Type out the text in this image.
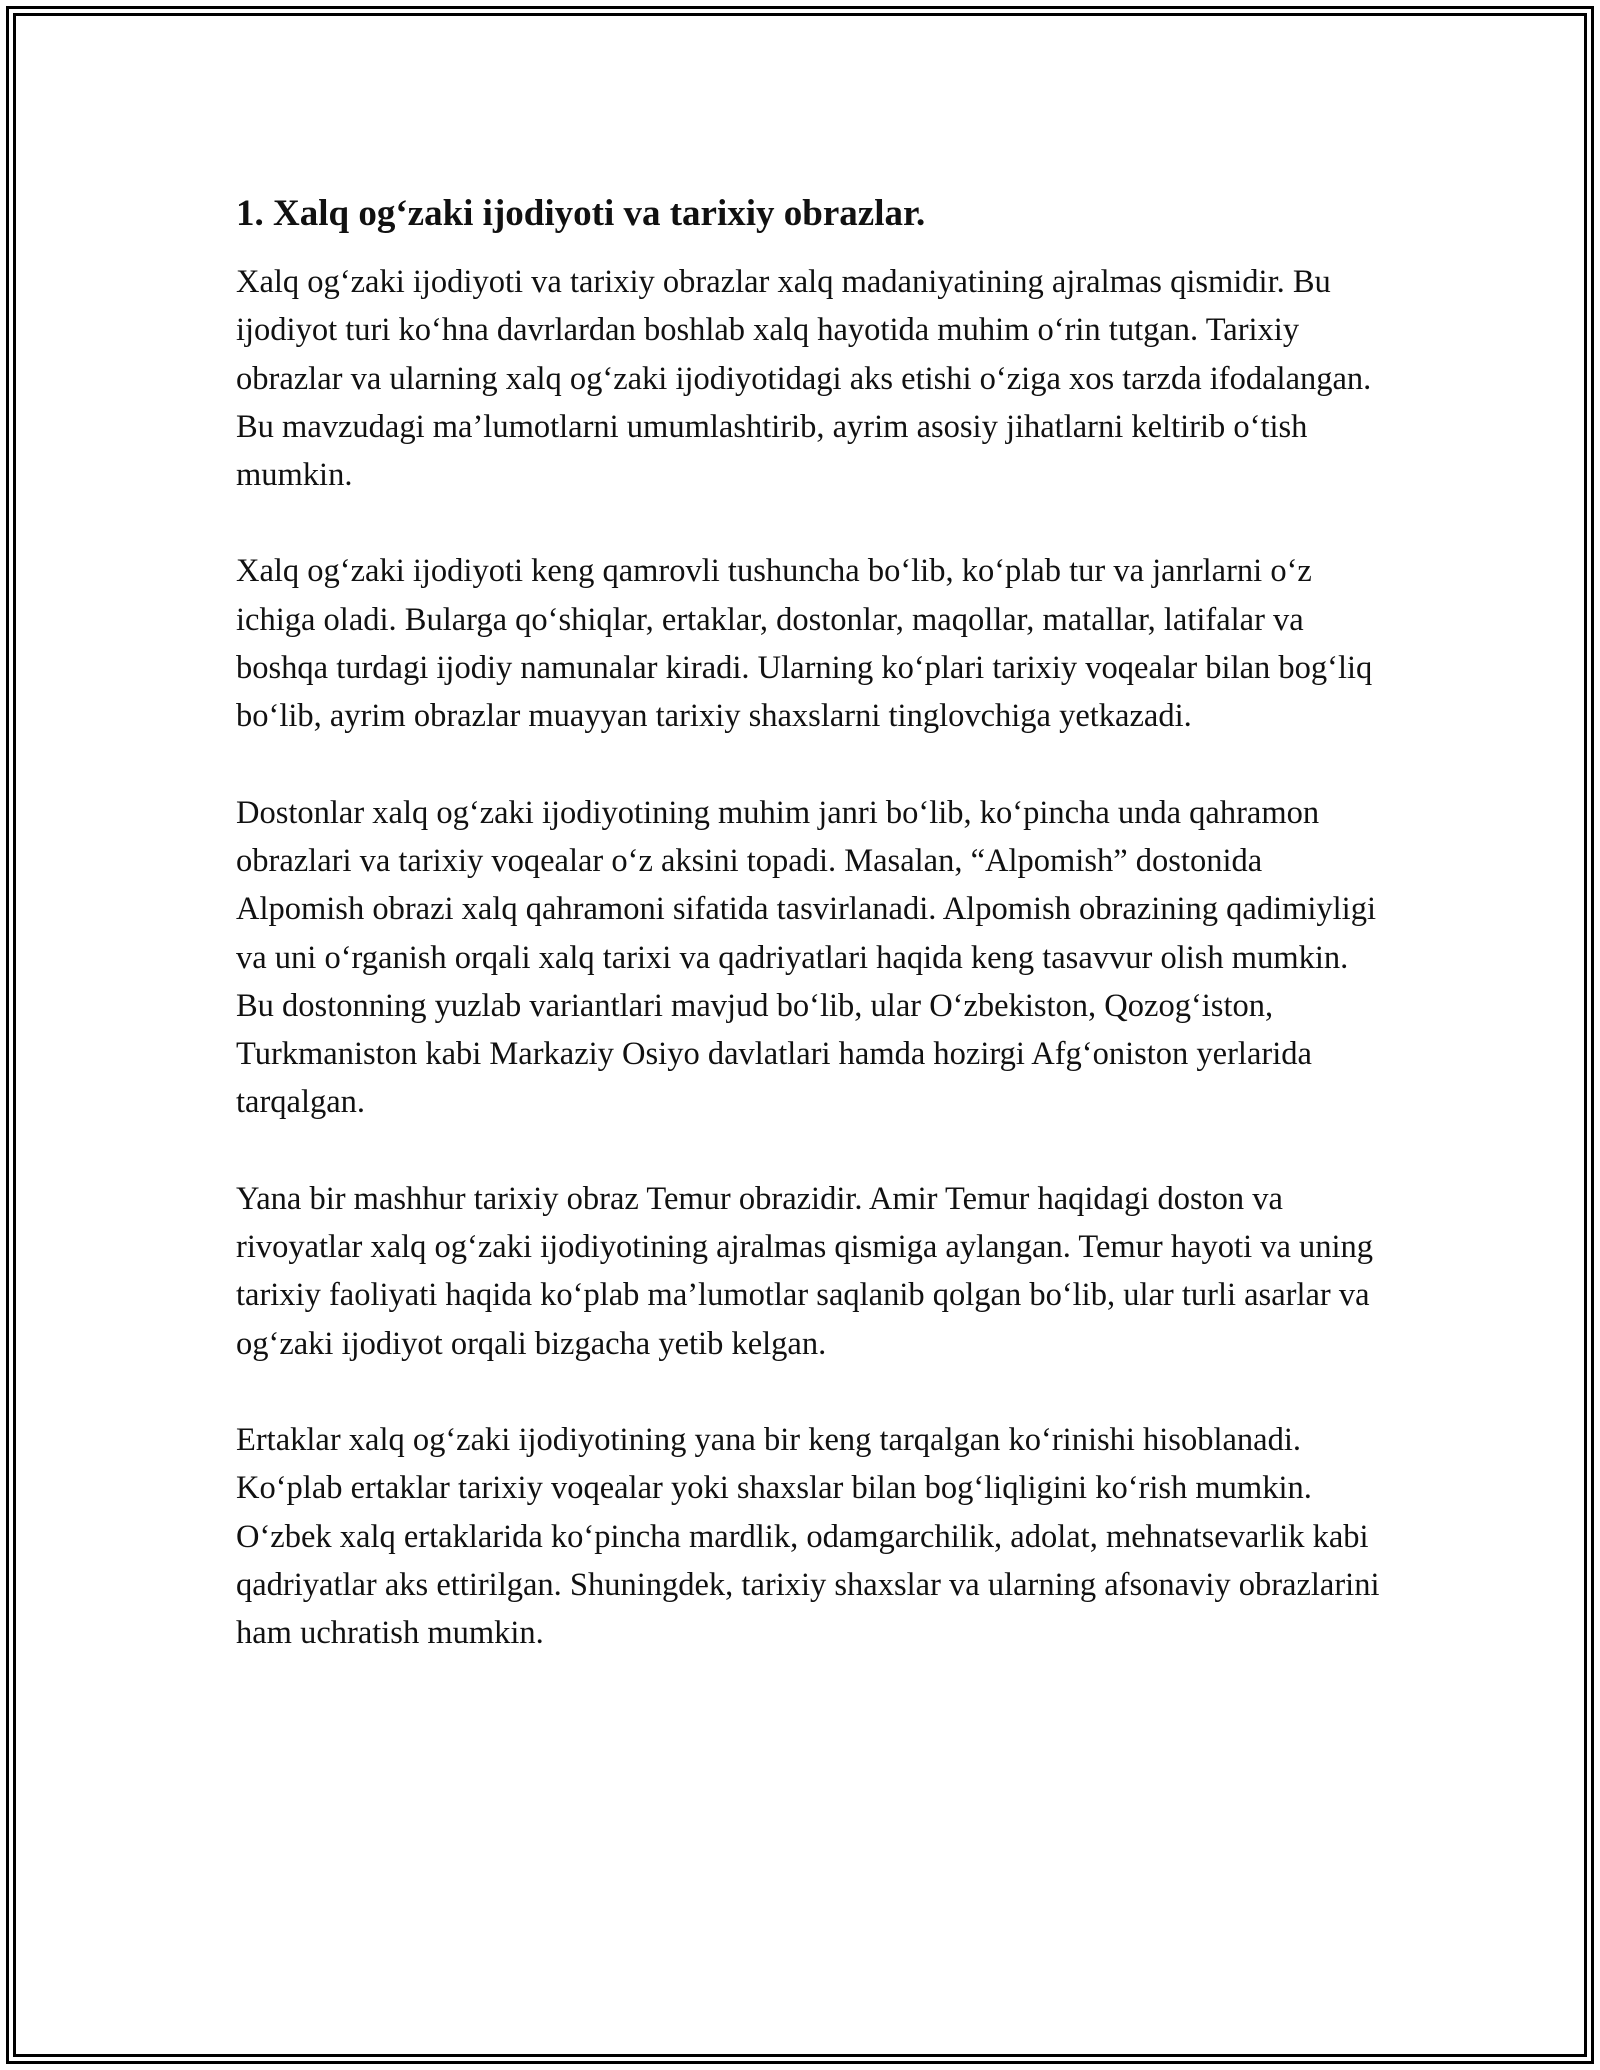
1. Xalq og‘zaki ijodiyoti va tarixiy obrazlar.

Xalq og‘zaki ijodiyoti va tarixiy obrazlar xalq madaniyatining ajralmas qismidir. Bu ijodiyot turi ko‘hna davrlardan boshlab xalq hayotida muhim o‘rin tutgan. Tarixiy obrazlar va ularning xalq og‘zaki ijodiyotidagi aks etishi o‘ziga xos tarzda ifodalangan. Bu mavzudagi ma’lumotlarni umumlashtirib, ayrim asosiy jihatlarni keltirib o‘tish mumkin.

Xalq og‘zaki ijodiyoti keng qamrovli tushuncha bo‘lib, ko‘plab tur va janrlarni o‘z ichiga oladi. Bularga qo‘shiqlar, ertaklar, dostonlar, maqollar, matallar, latifalar va boshqa turdagi ijodiy namunalar kiradi. Ularning ko‘plari tarixiy voqealar bilan bog‘liq bo‘lib, ayrim obrazlar muayyan tarixiy shaxslarni tinglovchiga yetkazadi.

Dostonlar xalq og‘zaki ijodiyotining muhim janri bo‘lib, ko‘pincha unda qahramon obrazlari va tarixiy voqealar o‘z aksini topadi. Masalan, “Alpomish” dostonida Alpomish obrazi xalq qahramoni sifatida tasvirlanadi. Alpomish obrazining qadimiyligi va uni o‘rganish orqali xalq tarixi va qadriyatlari haqida keng tasavvur olish mumkin. Bu dostonning yuzlab variantlari mavjud bo‘lib, ular O‘zbekiston, Qozog‘iston, Turkmaniston kabi Markaziy Osiyo davlatlari hamda hozirgi Afg‘oniston yerlarida tarqalgan.

Yana bir mashhur tarixiy obraz Temur obrazidir. Amir Temur haqidagi doston va rivoyatlar xalq og‘zaki ijodiyotining ajralmas qismiga aylangan. Temur hayoti va uning tarixiy faoliyati haqida ko‘plab ma’lumotlar saqlanib qolgan bo‘lib, ular turli asarlar va og‘zaki ijodiyot orqali bizgacha yetib kelgan.

Ertaklar xalq og‘zaki ijodiyotining yana bir keng tarqalgan ko‘rinishi hisoblanadi. Ko‘plab ertaklar tarixiy voqealar yoki shaxslar bilan bog‘liqligini ko‘rish mumkin. O‘zbek xalq ertaklarida ko‘pincha mardlik, odamgarchilik, adolat, mehnatsevarlik kabi qadriyatlar aks ettirilgan. Shuningdek, tarixiy shaxslar va ularning afsonaviy obrazlarini ham uchratish mumkin.
